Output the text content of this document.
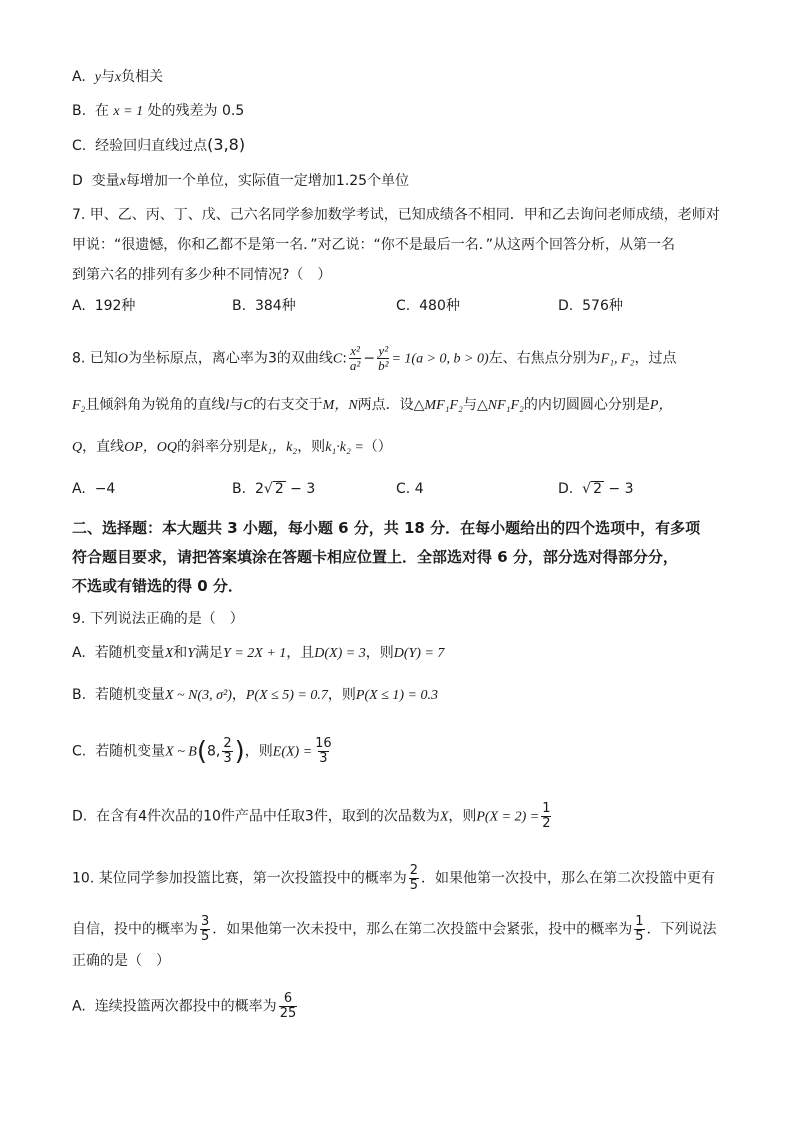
A. y与x负相关
B. 在 x = 1 处的残差为 0.5
C. 经验回归直线过点(3,8)
D 变量x每增加一个单位，实际值一定增加1.25个单位
7. 甲、乙、丙、丁、戊、己六名同学参加数学考试，已知成绩各不相同．甲和乙去询问老师成绩，老师对
甲说：“很遗憾，你和乙都不是第一名．”对乙说：“你不是最后一名．”从这两个回答分析，从第一名
到第六名的排列有多少种不同情况?（　）
A. 192种	B. 384种	C. 480种	D. 576种
8. 已知O为坐标原点，离心率为3的双曲线C: $\frac{\text{x²}}{\text{a²}} - \frac{\text{y²}}{\text{b²}} = 1(a > 0$, b > 0)左、右焦点分别为F₁, F₂，过点
F₂且倾斜角为锐角的直线l与C的右支交于M，N两点．设△MF₁F₂与△NF₁F₂的内切圆圆心分别是P，
Q，直线OP，OQ的斜率分别是k₁，k₂，则k₁·k₂ =（）
A. −4	B. 2√ 2 − 3	C. 4	D.  √ 2 − 3
二、选择题：本大题共 3 小题，每小题 6 分，共 18 分．在每小题给出的四个选项中，有多项
符合题目要求，请把答案填涂在答题卡相应位置上．全部选对得 6 分，部分选对得部分分，
不选或有错选的得 0 分．
9. 下列说法正确的是（　）
A. 若随机变量X和Y满足Y = 2X + 1，且D(X) = 3，则D(Y) = 7
B. 若随机变量X ~ N(3, σ²)，P(X ≤ 5) = 0.7，则P(X ≤ 1) = 0.3
C. 若随机变量X ~ B(8, $\frac{2}{3}$ )，则$E(X) = \frac{16}{3}$
D. 在含有4件次品的10件产品中任取3件，取到的次品数为X，则$P(X = 2) = \frac{1}{2}$
10. 某位同学参加投篮比赛，第一次投篮投中的概率为 $\frac{2}{5}$ ．如果他第一次投中，那么在第二次投篮中更有
自信，投中的概率为 $\frac{3}{5}$ ．如果他第一次未投中，那么在第二次投篮中会紧张，投中的概率为 $\frac{1}{5}$ ．下列说法
正确的是（　）
A. 连续投篮两次都投中的概率为 $\frac{6}{25}$
